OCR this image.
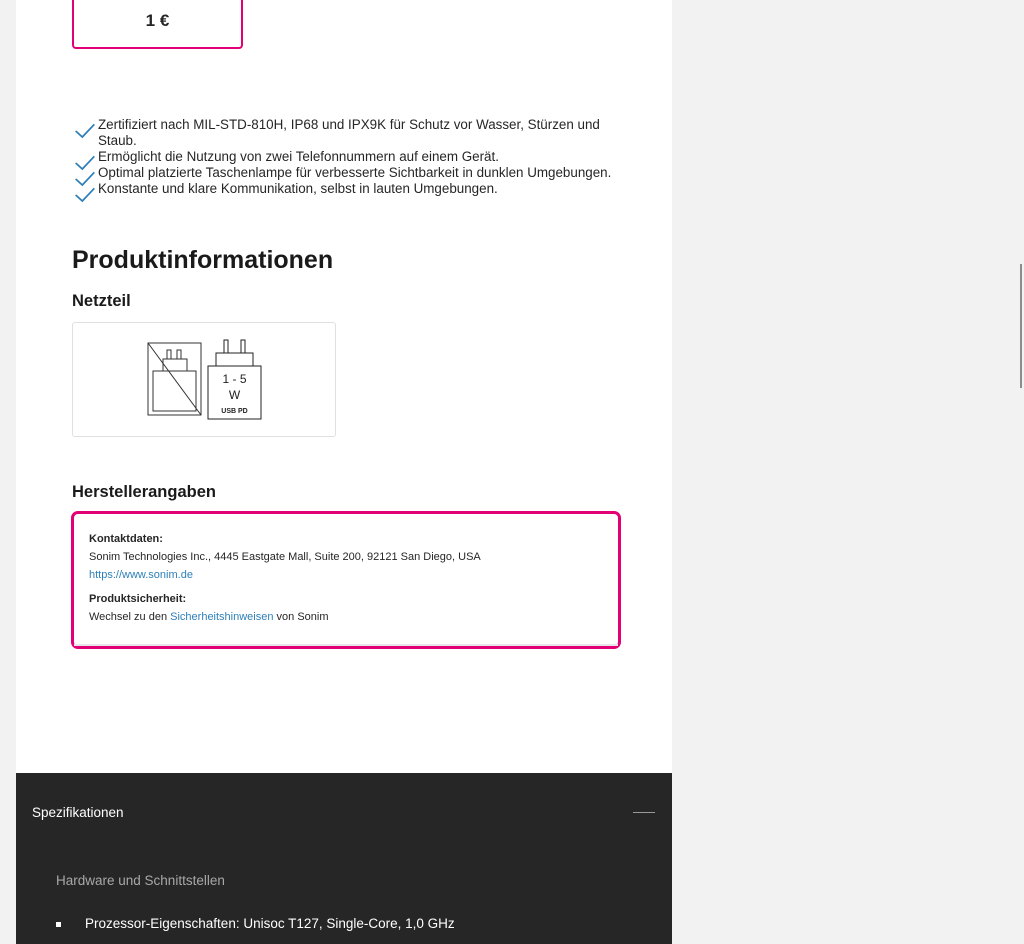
1 €
Zertifiziert nach MIL-STD-810H, IP68 und IPX9K für Schutz vor Wasser, Stürzen und Staub.
Ermöglicht die Nutzung von zwei Telefonnummern auf einem Gerät.
Optimal platzierte Taschenlampe für verbesserte Sichtbarkeit in dunklen Umgebungen.
Konstante und klare Kommunikation, selbst in lauten Umgebungen.
Produktinformationen
Netzteil
1 - 5
W
USB PD
Herstellerangaben
Kontaktdaten:
Sonim Technologies Inc., 4445 Eastgate Mall, Suite 200, 92121 San Diego, USA
https://www.sonim.de
Produktsicherheit:
Wechsel zu den Sicherheitshinweisen von Sonim
Spezifikationen
Hardware und Schnittstellen
Prozessor-Eigenschaften: Unisoc T127, Single-Core, 1,0 GHz
